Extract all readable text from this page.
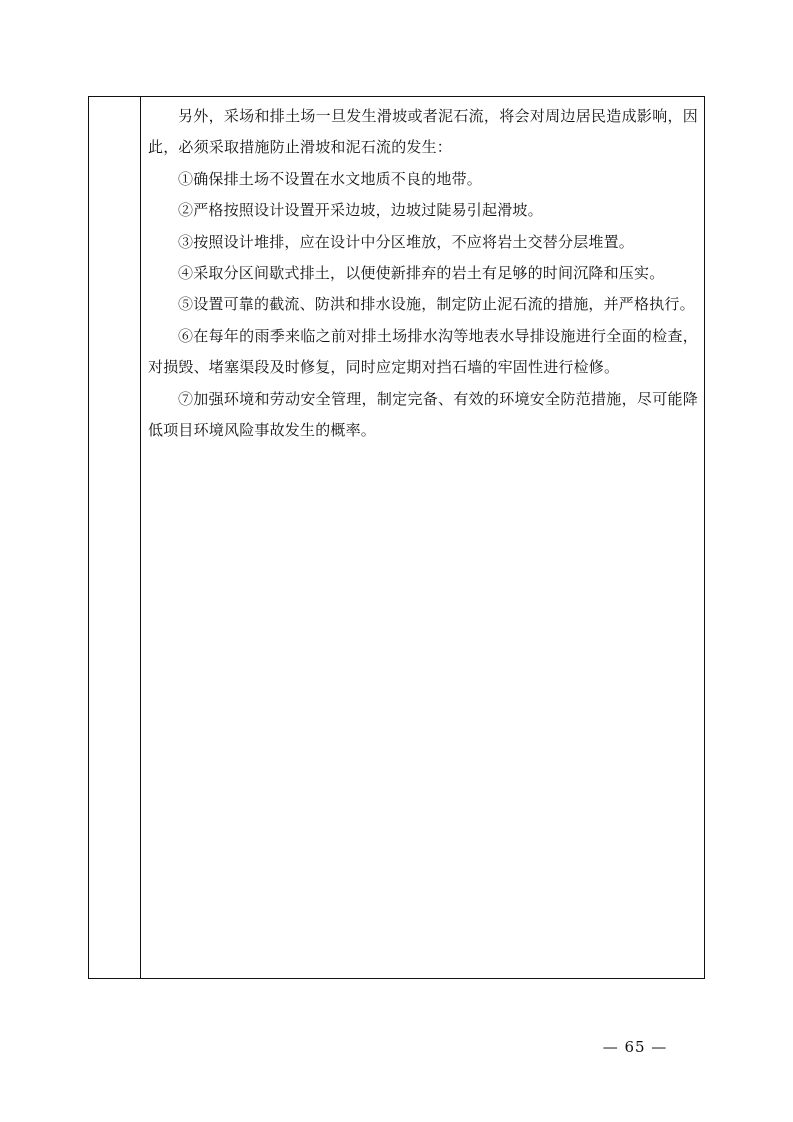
另外，采场和排土场一旦发生滑坡或者泥石流，将会对周边居民造成影响，因此，必须采取措施防止滑坡和泥石流的发生：

①确保排土场不设置在水文地质不良的地带。

②严格按照设计设置开采边坡，边坡过陡易引起滑坡。

③按照设计堆排，应在设计中分区堆放，不应将岩土交替分层堆置。

④采取分区间歇式排土，以便使新排弃的岩土有足够的时间沉降和压实。

⑤设置可靠的截流、防洪和排水设施，制定防止泥石流的措施，并严格执行。

⑥在每年的雨季来临之前对排土场排水沟等地表水导排设施进行全面的检查，对损毁、堵塞渠段及时修复，同时应定期对挡石墙的牢固性进行检修。

⑦加强环境和劳动安全管理，制定完备、有效的环境安全防范措施，尽可能降低项目环境风险事故发生的概率。

— 65 —
